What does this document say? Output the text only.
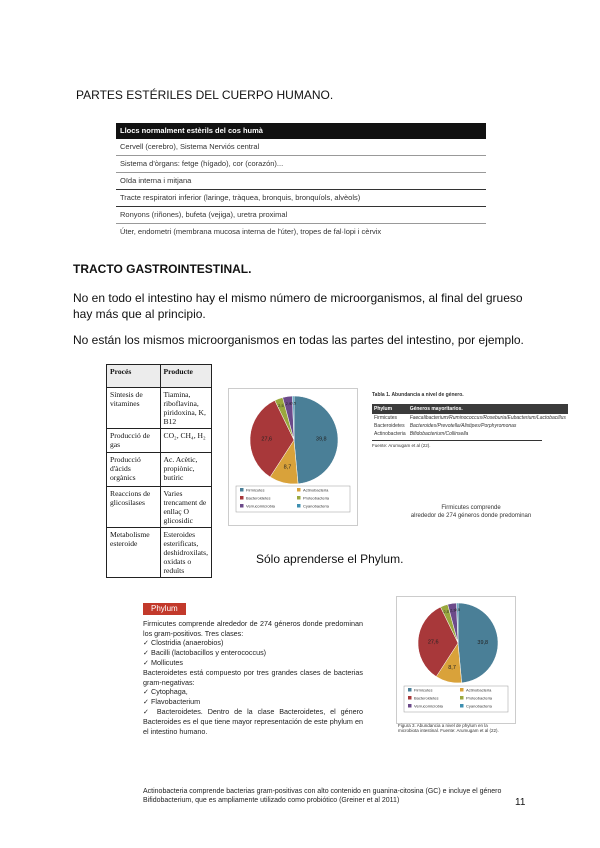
PARTES ESTÉRILES DEL CUERPO HUMANO.
Llocs normalment estèrils del cos humà
Cervell (cerebro), Sistema Nerviós central
Sistema d'òrgans: fetge (hígado), cor (corazón)...
Oïda interna i mitjana
Tracte respiratori inferior (laringe, tràquea, bronquis, bronquíols, alvèols)
Ronyons (riñones), bufeta (vejiga), uretra proximal
Úter, endometri (membrana mucosa interna de l'úter), tropes de fal·lopi i cèrvix
TRACTO GASTROINTESTINAL.
No en todo el intestino hay el mismo número de microorganismos, al final del grueso hay más que al principio.
No están los mismos microorganismos en todas las partes del intestino, por ejemplo.
Procés	Producte
Síntesis de vitamines	Tiamina, riboflavina, piridoxina, K, B12
Producció de gas	CO₂, CH₄, H₂
Producció d'àcids orgànics	Ac. Acètic, propiònic, butíric
Reaccions de glicosilases	Varies trencament de enllaç O glicosidic
Metabolisme esteroide	Esteroides esterificats, deshidroxilats, oxidats o reduïts
39,8
8,7
27,6
2,5 2,9 0,5
Firmicutes	Actinobacteria
Bacteroidetes	Proteobacteria
Verrucomicrobia	Cyanobacteria
Tabla 1. Abundancia a nivel de género.
Phylum	Géneros mayoritarios.
Firmicutes	Faecalibacterium/Ruminococcus/Roseburia/Eubacterium/Lactobacillus
Bacteroidetes	Bacteroides/Prevotella/Alistipes/Porphyromonas
Actinobacteria	Bifidobacterium/Collinsella
Fuente: Arumugam et al (22).
Firmicutes comprende
alrededor de 274 géneros donde predominan
Sólo aprenderse el Phylum.
Phylum
Firmicutes comprende alrededor de 274 géneros donde predominan los gram-positivos. Tres clases:
✓ Clostridia (anaerobios)
✓ Bacilli (lactobacillos y enterococcus)
✓ Mollicutes
Bacteroidetes está compuesto por tres grandes clases de bacterias gram-negativas:
✓ Cytophaga,
✓ Flavobacterium
✓ Bacteroidetes. Dentro de la clase Bacteroidetes, el género Bacteroides es el que tiene mayor representación de este phylum en el intestino humano.
39,8
8,7
27,6
2,5 2,9
0,5
Firmicutes	Actinobacteria
Bacteroidetes	Proteobacteria
Verrucomicrobia	Cyanobacteria
Figura 3. Abundancia a nivel de phylum en la microbiota intestinal. Fuente: Arumugam et al (22).
Actinobacteria comprende bacterias gram-positivas con alto contenido en guanina-citosina (GC) e incluye el género Bifidobacterium, que es ampliamente utilizado como probiótico (Greiner et al 2011)	11
